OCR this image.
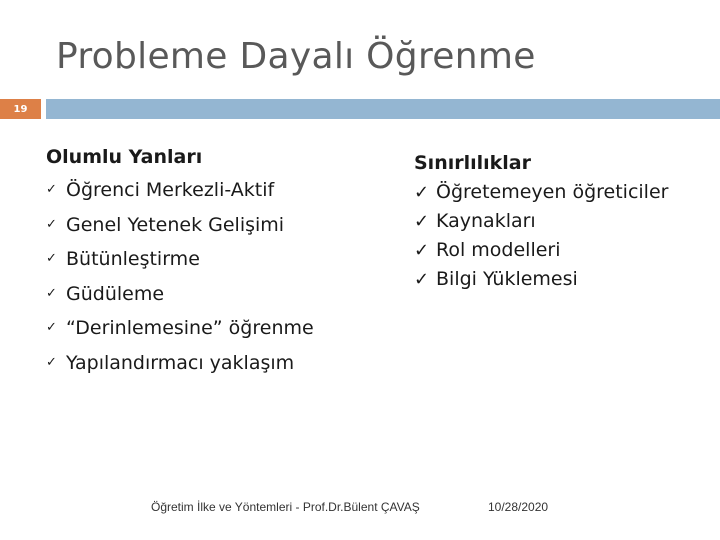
Probleme Dayalı Öğrenme
19
Olumlu Yanları
✓ Öğrenci Merkezli-Aktif
✓ Genel Yetenek Gelişimi
✓ Bütünleştirme
✓ Güdüleme
✓ “Derinlemesine” öğrenme
✓ Yapılandırmacı yaklaşım
Sınırlılıklar
✓ Öğretemeyen öğreticiler
✓ Kaynakları
✓ Rol modelleri
✓ Bilgi Yüklemesi
Öğretim İlke ve Yöntemleri - Prof.Dr.Bülent ÇAVAŞ	10/28/2020
